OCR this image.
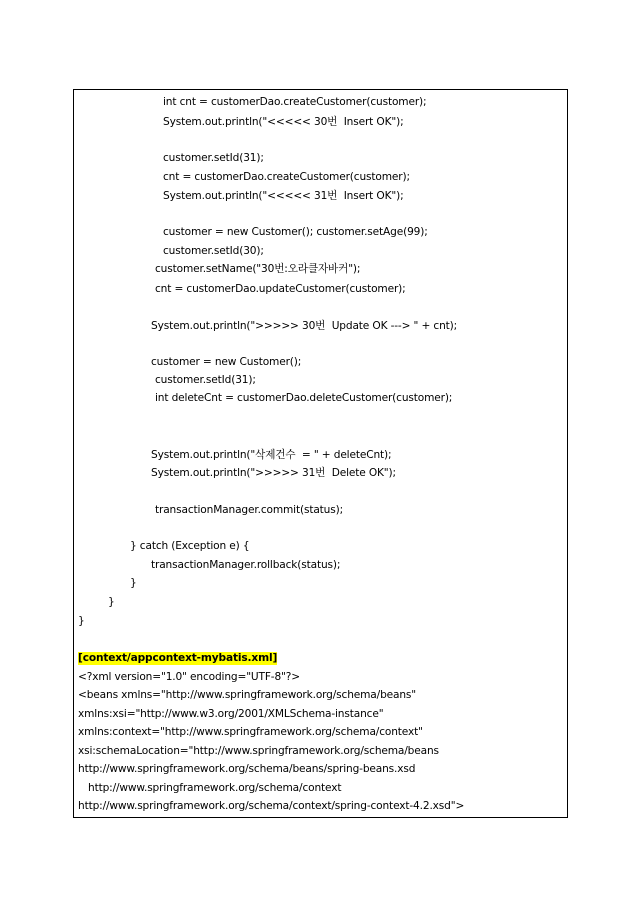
int cnt = customerDao.createCustomer(customer);
System.out.println("<<<<< 30번  Insert OK");
customer.setId(31);
cnt = customerDao.createCustomer(customer);
System.out.println("<<<<< 31번  Insert OK");
customer = new Customer(); customer.setAge(99);
customer.setId(30);
customer.setName("30번:오라클자바커");
cnt = customerDao.updateCustomer(customer);
System.out.println(">>>>> 30번  Update OK ---> " + cnt);
customer = new Customer();
customer.setId(31);
int deleteCnt = customerDao.deleteCustomer(customer);
System.out.println("삭제건수  = " + deleteCnt);
System.out.println(">>>>> 31번  Delete OK");
transactionManager.commit(status);
} catch (Exception e) {
transactionManager.rollback(status);
}
}
}
[context/appcontext-mybatis.xml]
<?xml version="1.0" encoding="UTF-8"?>
<beans xmlns="http://www.springframework.org/schema/beans"
xmlns:xsi="http://www.w3.org/2001/XMLSchema-instance"
xmlns:context="http://www.springframework.org/schema/context"
xsi:schemaLocation="http://www.springframework.org/schema/beans
http://www.springframework.org/schema/beans/spring-beans.xsd
http://www.springframework.org/schema/context
http://www.springframework.org/schema/context/spring-context-4.2.xsd">
